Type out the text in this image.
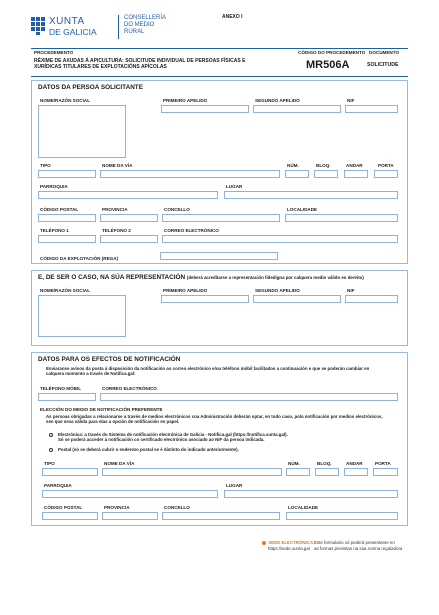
XUNTA
DE GALICIA
CONSELLERÍA
DO MEDIO
RURAL
ANEXO I
PROCEDEMENTO
RÉXIME DE AXUDAS Á APICULTURA: SOLICITUDE INDIVIDUAL DE PERSOAS FÍSICAS E XURÍDICAS TITULARES DE EXPLOTACIÓNS APÍCOLAS
CÓDIGO DO PROCEDEMENTO
MR506A
DOCUMENTO
SOLICITUDE
DATOS DA PERSOA SOLICITANTE
NOME/RAZÓN SOCIAL	PRIMEIRO APELIDO	SEGUNDO APELIDO	NIF
TIPO	NOME DA VÍA	NÚM.	BLOQ.	ANDAR	PORTA
PARROQUIA	LUGAR
CÓDIGO POSTAL	PROVINCIA	CONCELLO	LOCALIDADE
TELÉFONO 1	TELÉFONO 2	CORREO ELECTRÓNICO
CÓDIGO DA EXPLOTACIÓN (REGA)
E, DE SER O CASO, NA SÚA REPRESENTACIÓN (deberá acreditarse a representación fidedigna por calquera medio válido en dereito)
NOME/RAZÓN SOCIAL	PRIMEIRO APELIDO	SEGUNDO APELIDO	NIF
DATOS PARA OS EFECTOS DE NOTIFICACIÓN
Enviaranse avisos da posta á disposición da notificación ao correo electrónico e/ou teléfono móbil facilitados a continuación e que se poderán cambiar en calquera momento a través de Notifica.gal:
TELÉFONO MÓBIL	CORREO ELECTRÓNICO
ELECCIÓN DO MEDIO DE NOTIFICACIÓN PREFERENTE
As persoas obrigadas a relacionarse a través de medios electrónicos coa Administración deberán optar, en todo caso, pola notificación por medios electrónicos, sen que sexa válida para elas a opción de notificación en papel.
Electrónica: a través do Sistema de notificación electrónica de Galicia - Notifica.gal (https://notifica.xunta.gal).
Só se poderá acceder á notificación co certificado electrónico asociado ao NIF da persoa indicada.
Postal (só se deberá cubrir o enderezo postal se é distinto do indicado anteriormente).
TIPO	NOME DA VÍA	NÚM.	BLOQ.	ANDAR	PORTA
PARROQUIA	LUGAR
CÓDIGO POSTAL	PROVINCIA	CONCELLO	LOCALIDADE
SEDE ELECTRÓNICA
https://sede.xunta.gal
Este formulario só poderá presentarse en
as formas previstas na súa norma reguladora
